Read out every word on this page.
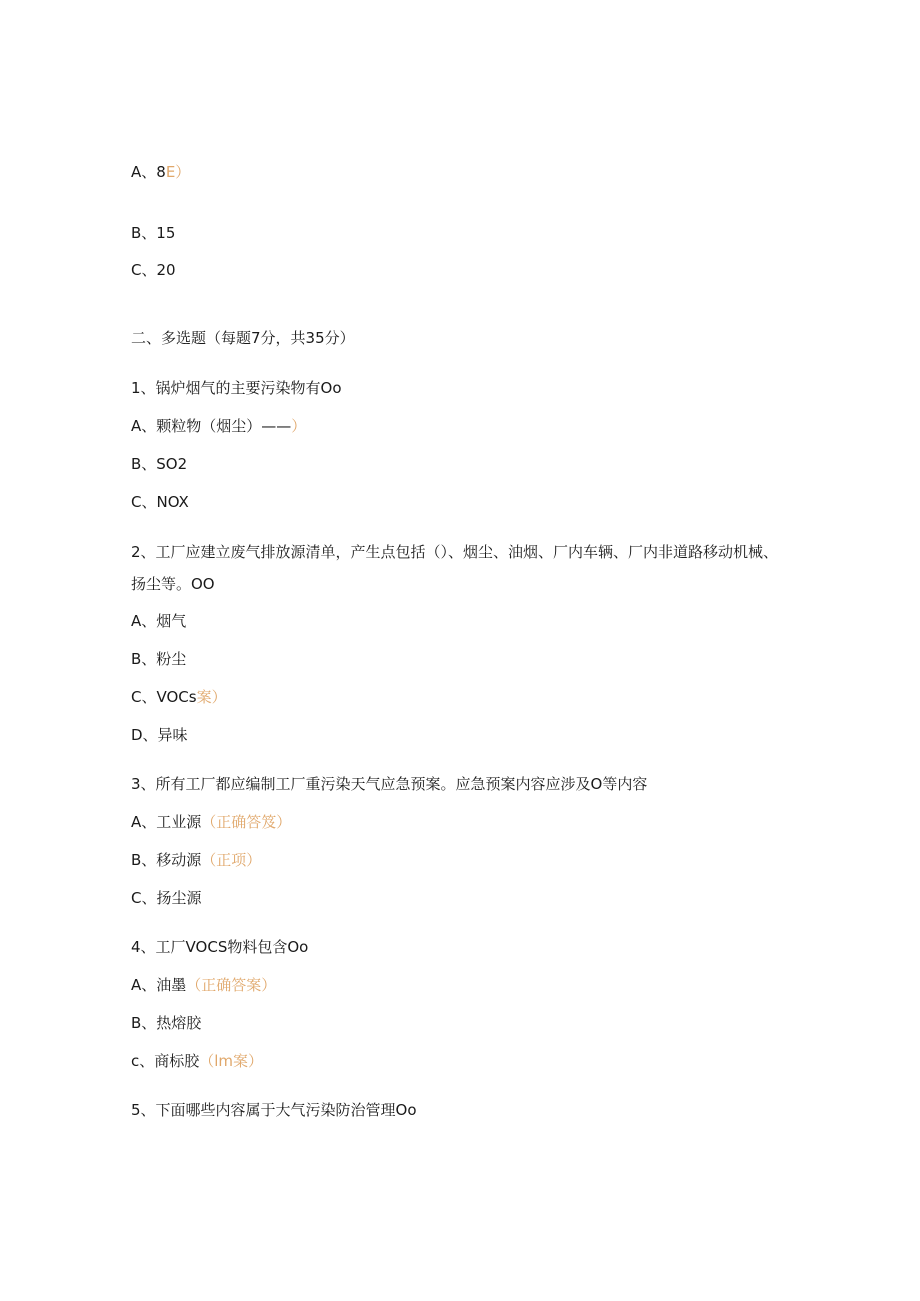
A、8E）
B、15
C、20
二、多选题（每题7分，共35分）
1、锅炉烟气的主要污染物有Oo
A、颗粒物（烟尘）——）
B、SO2
C、NOX
2、工厂应建立废气排放源清单，产生点包括（）、烟尘、油烟、厂内车辆、厂内非道路移动机械、扬尘等。OO
A、烟气
B、粉尘
C、VOCs案）
D、异味
3、所有工厂都应编制工厂重污染天气应急预案。应急预案内容应涉及O等内容
A、工业源（正确答笈）
B、移动源（正项）
C、扬尘源
4、工厂VOCS物料包含Oo
A、油墨（正确答案）
B、热熔胶
c、商标胶（lm案）
5、下面哪些内容属于大气污染防治管理Oo
